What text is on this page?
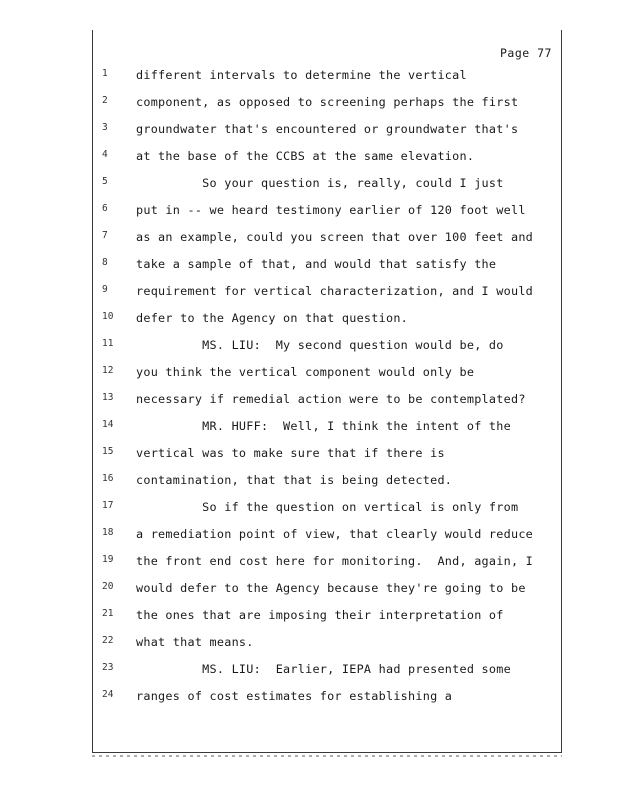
Page 77
1 different intervals to determine the vertical
2 component, as opposed to screening perhaps the first
3 groundwater that's encountered or groundwater that's
4 at the base of the CCBS at the same elevation.
5 So your question is, really, could I just
6 put in -- we heard testimony earlier of 120 foot well
7 as an example, could you screen that over 100 feet and
8 take a sample of that, and would that satisfy the
9 requirement for vertical characterization, and I would
10 defer to the Agency on that question.
11 MS. LIU:  My second question would be, do
12 you think the vertical component would only be
13 necessary if remedial action were to be contemplated?
14 MR. HUFF:  Well, I think the intent of the
15 vertical was to make sure that if there is
16 contamination, that that is being detected.
17 So if the question on vertical is only from
18 a remediation point of view, that clearly would reduce
19 the front end cost here for monitoring.  And, again, I
20 would defer to the Agency because they're going to be
21 the ones that are imposing their interpretation of
22 what that means.
23 MS. LIU:  Earlier, IEPA had presented some
24 ranges of cost estimates for establishing a
